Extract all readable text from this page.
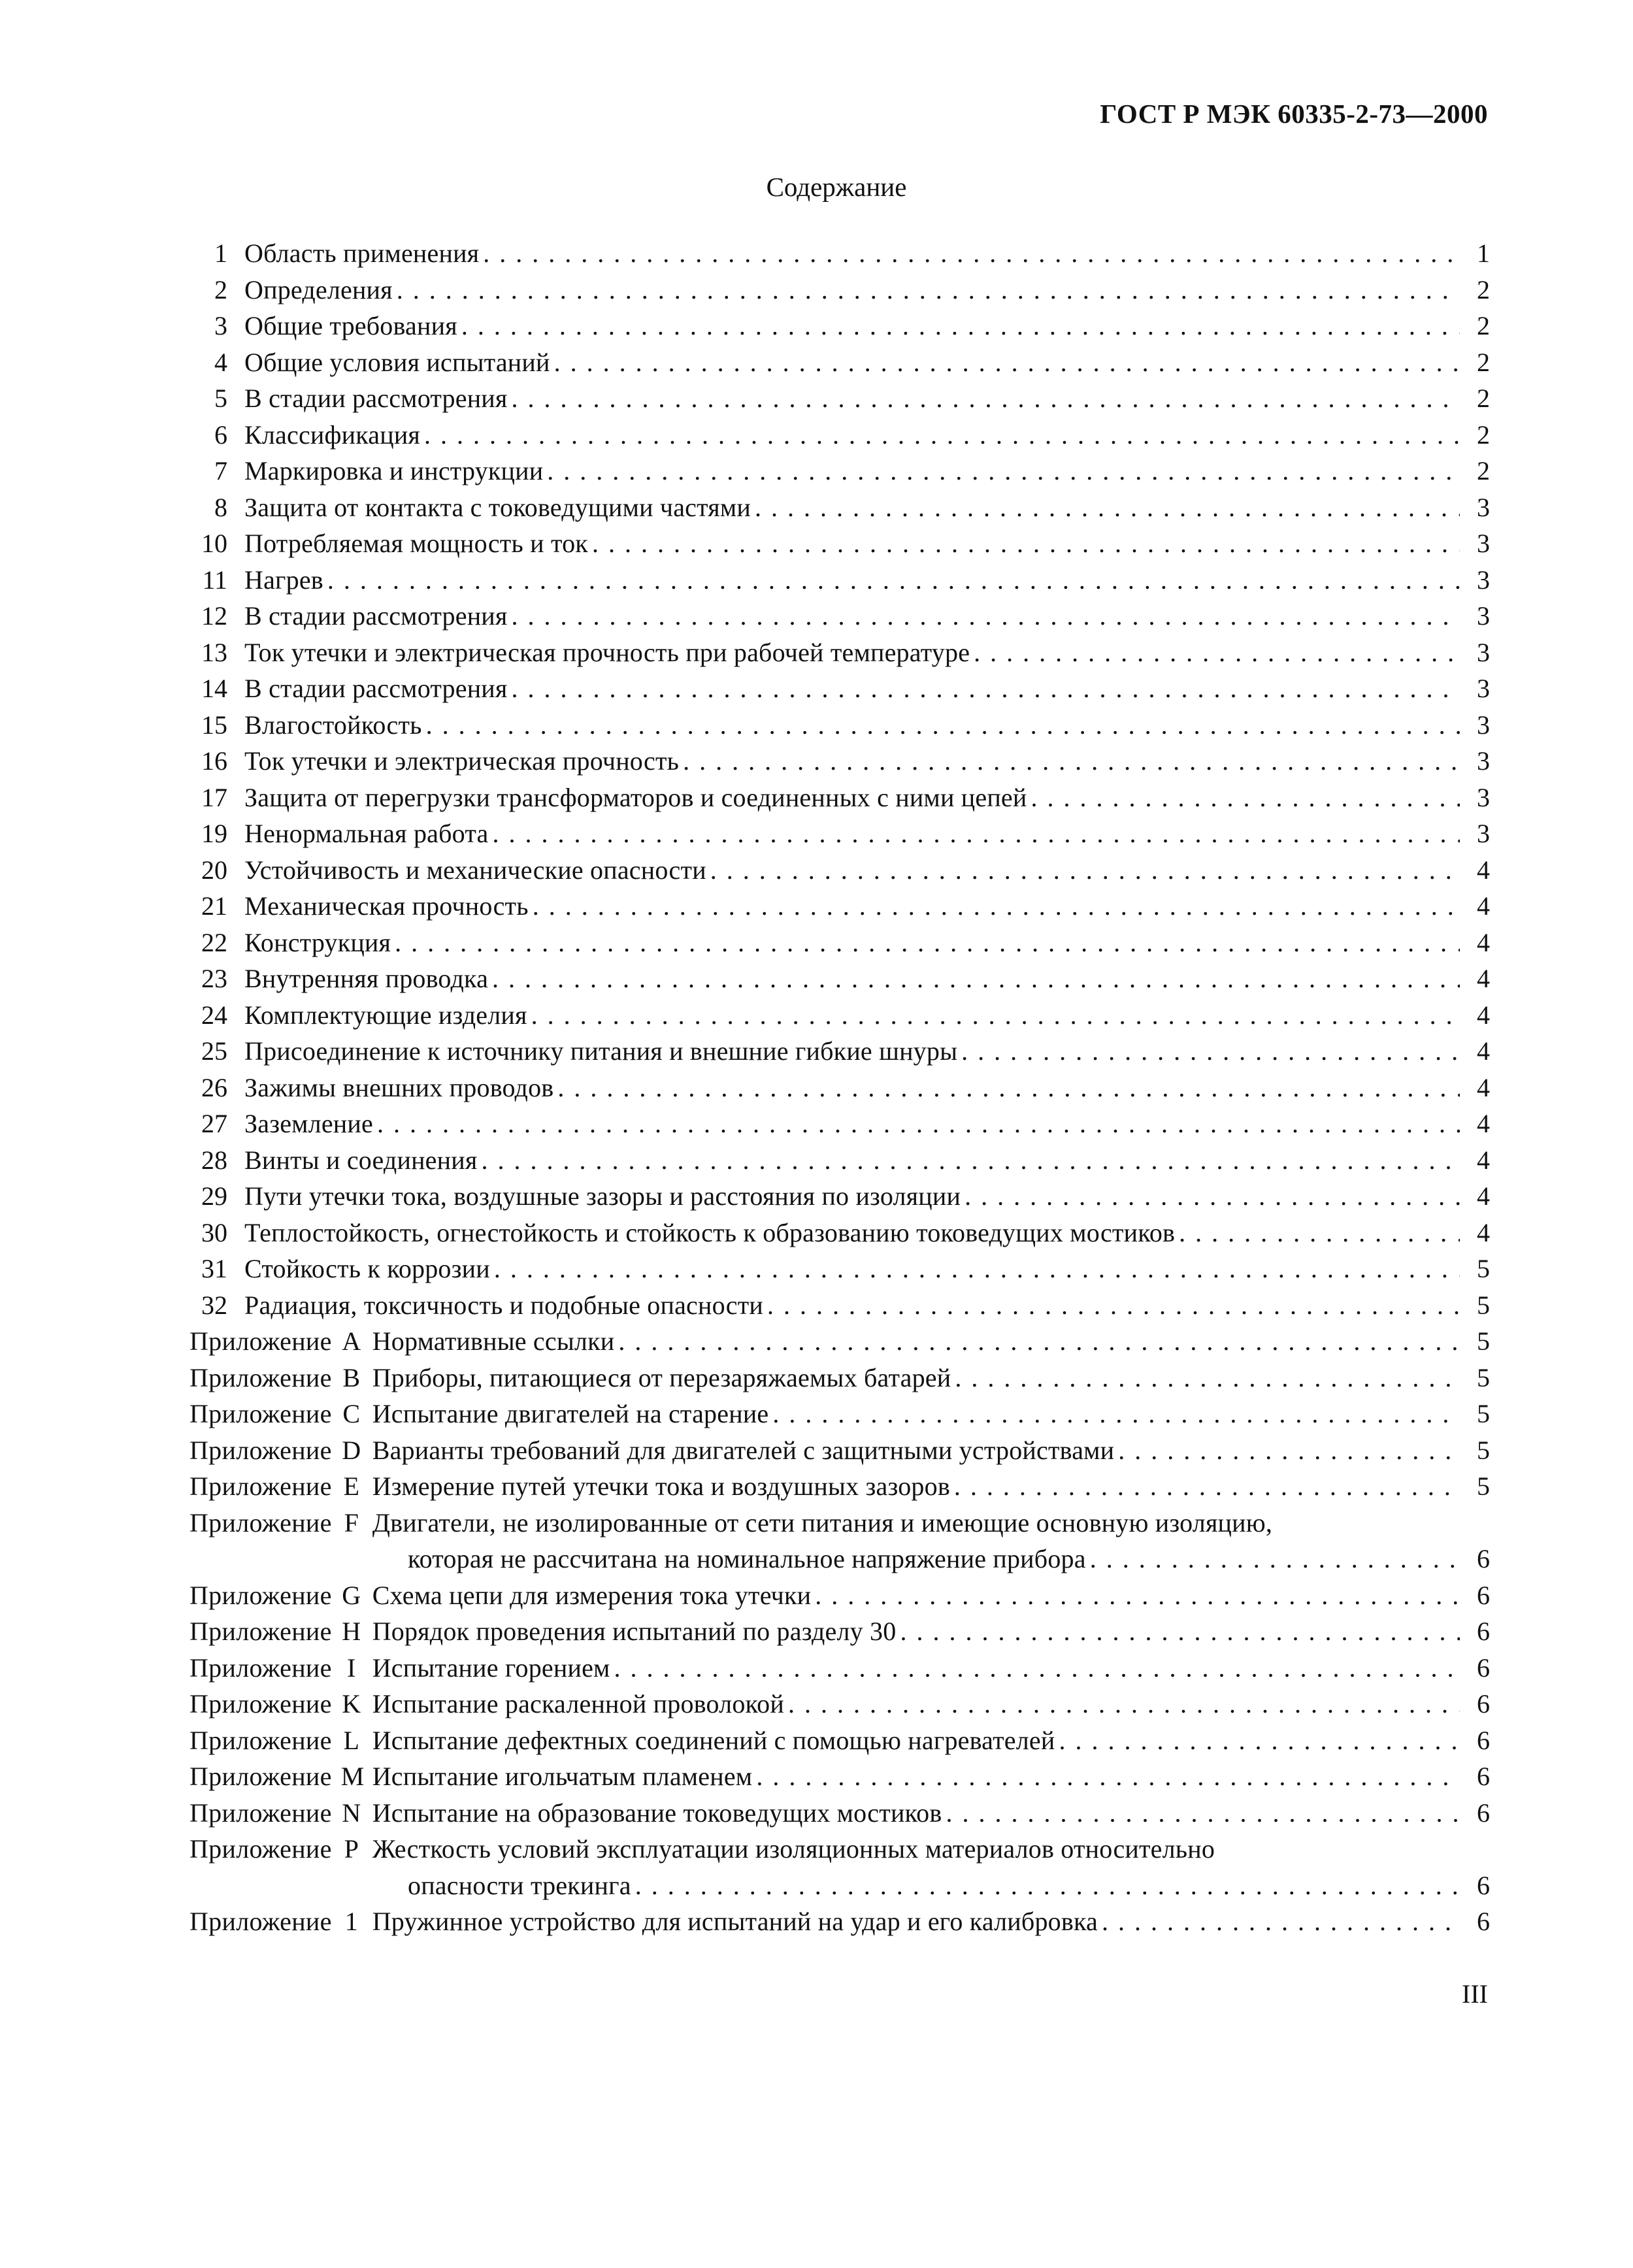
ГОСТ Р МЭК 60335-2-73—2000
Содержание
1 Область применения . . .	1
2 Определения . . .	2
3 Общие требования . . .	2
4 Общие условия испытаний . . .	2
5 В стадии рассмотрения . . .	2
6 Классификация . . .	2
7 Маркировка и инструкции . . .	2
8 Защита от контакта с токоведущими частями . . .	3
10 Потребляемая мощность и ток . . .	3
11 Нагрев . . .	3
12 В стадии рассмотрения . . .	3
13 Ток утечки и электрическая прочность при рабочей температуре . . .	3
14 В стадии рассмотрения . . .	3
15 Влагостойкость . . .	3
16 Ток утечки и электрическая прочность . . .	3
17 Защита от перегрузки трансформаторов и соединенных с ними цепей . . .	3
19 Ненормальная работа . . .	3
20 Устойчивость и механические опасности . . .	4
21 Механическая прочность . . .	4
22 Конструкция . . .	4
23 Внутренняя проводка . . .	4
24 Комплектующие изделия . . .	4
25 Присоединение к источнику питания и внешние гибкие шнуры . . .	4
26 Зажимы внешних проводов . . .	4
27 Заземление . . .	4
28 Винты и соединения . . .	4
29 Пути утечки тока, воздушные зазоры и расстояния по изоляции . . .	4
30 Теплостойкость, огнестойкость и стойкость к образованию токоведущих мостиков . . .	4
31 Стойкость к коррозии . . .	5
32 Радиация, токсичность и подобные опасности . . .	5
Приложение A Нормативные ссылки . . .	5
Приложение B Приборы, питающиеся от перезаряжаемых батарей . . .	5
Приложение C Испытание двигателей на старение . . .	5
Приложение D Варианты требований для двигателей с защитными устройствами . . .	5
Приложение E Измерение путей утечки тока и воздушных зазоров . . .	5
Приложение F Двигатели, не изолированные от сети питания и имеющие основную изоляцию,
которая не рассчитана на номинальное напряжение прибора . . .	6
Приложение G Схема цепи для измерения тока утечки . . .	6
Приложение H Порядок проведения испытаний по разделу 30 . . .	6
Приложение I Испытание горением . . .	6
Приложение K Испытание раскаленной проволокой . . .	6
Приложение L Испытание дефектных соединений с помощью нагревателей . . .	6
Приложение M Испытание игольчатым пламенем . . .	6
Приложение N Испытание на образование токоведущих мостиков . . .	6
Приложение P Жесткость условий эксплуатации изоляционных материалов относительно
опасности трекинга . . .	6
Приложение 1 Пружинное устройство для испытаний на удар и его калибровка . . .	6
III
